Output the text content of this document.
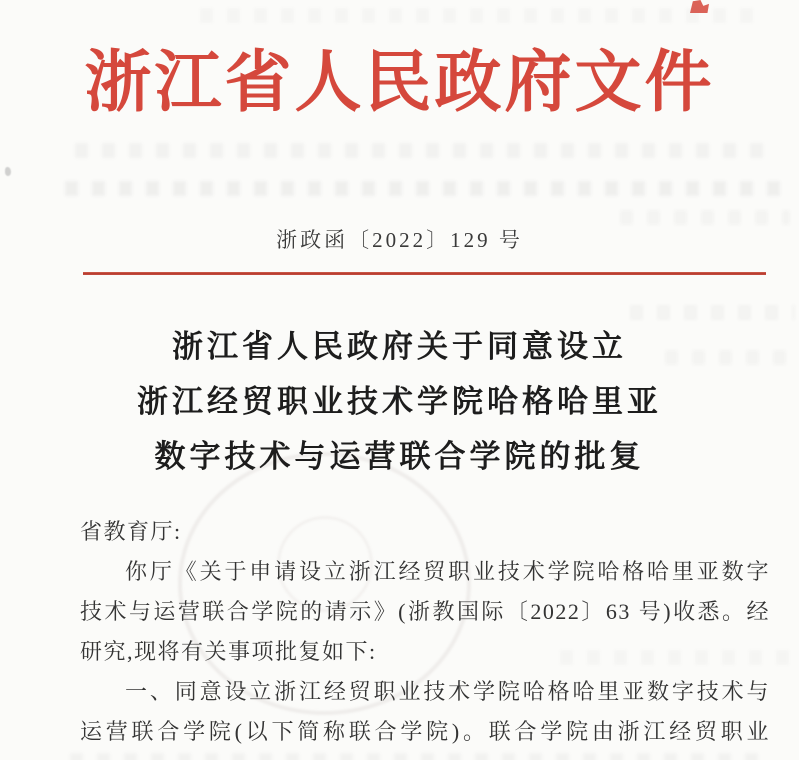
浙江省人民政府文件
浙政函〔2022〕129 号
浙江省人民政府关于同意设立
浙江经贸职业技术学院哈格哈里亚
数字技术与运营联合学院的批复
省教育厅:
你厅《关于申请设立浙江经贸职业技术学院哈格哈里亚数字
技术与运营联合学院的请示》(浙教国际〔2022〕63 号)收悉。经
研究,现将有关事项批复如下:
一、同意设立浙江经贸职业技术学院哈格哈里亚数字技术与
运营联合学院(以下简称联合学院)。联合学院由浙江经贸职业
